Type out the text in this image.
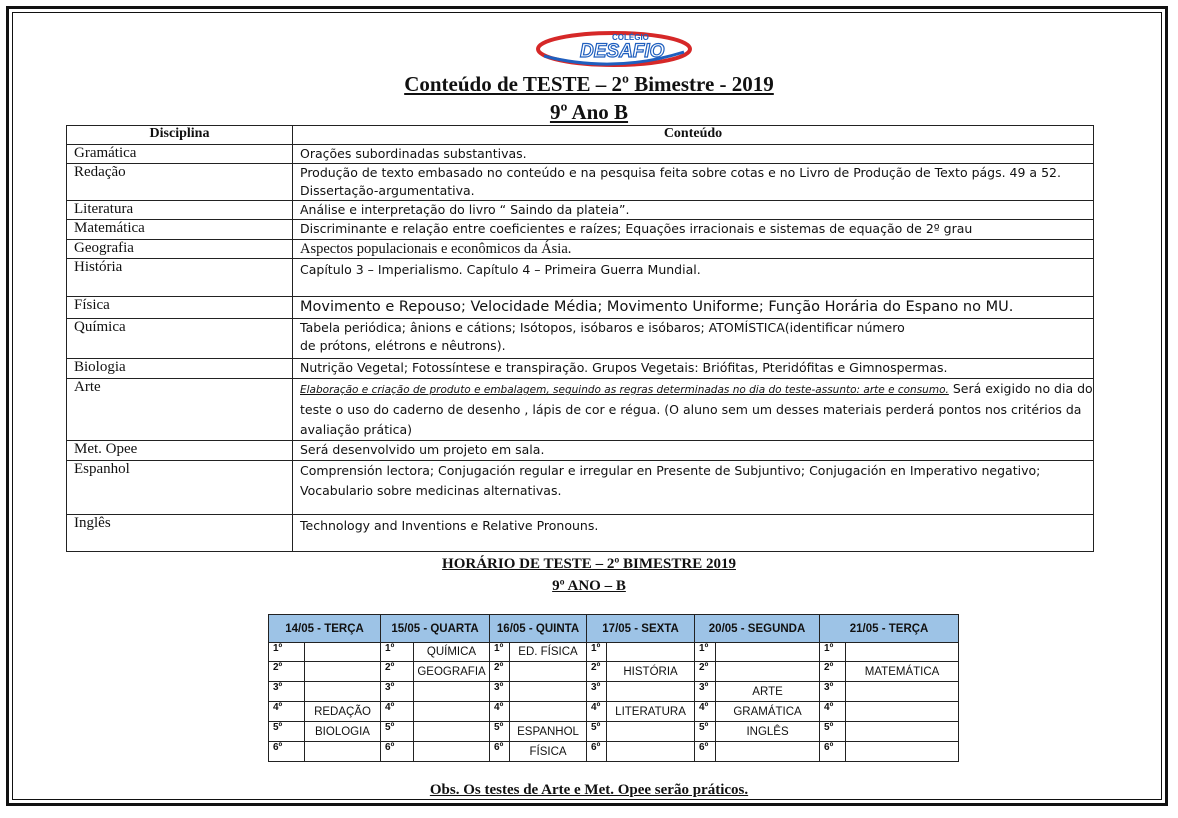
COLÉGIO
DESAFIO
Conteúdo de TESTE – 2º Bimestre - 2019
9º Ano B
Disciplina	Conteúdo
Gramática	Orações subordinadas substantivas.
Redação	Produção de texto embasado no conteúdo e na pesquisa feita sobre cotas e no Livro de Produção de Texto págs. 49 a 52. Dissertação-argumentativa.
Literatura	Análise e interpretação do livro “ Saindo da plateia”.
Matemática	Discriminante e relação entre coeficientes e raízes; Equações irracionais e sistemas de equação de 2º grau
Geografia	Aspectos populacionais e econômicos da Ásia.
História	Capítulo 3 – Imperialismo. Capítulo 4 – Primeira Guerra Mundial.
Física	Movimento e Repouso; Velocidade Média; Movimento Uniforme; Função Horária do Espano no MU.
Química	Tabela periódica; ânions e cátions; Isótopos, isóbaros e isóbaros; ATOMÍSTICA(identificar número
de prótons, elétrons e nêutrons).

Biologia	Nutrição Vegetal; Fotossíntese e transpiração. Grupos Vegetais: Briófitas, Pteridófitas e Gimnospermas.
Arte	Elaboração e criação de produto e embalagem, seguindo as regras determinadas no dia do teste-assunto: arte e consumo. Será exigido no dia do teste o uso do caderno de desenho , lápis de cor e régua. (O aluno sem um desses materiais perderá pontos nos critérios da avaliação prática)
Met. Opee	Será desenvolvido um projeto em sala.
Espanhol	Comprensión lectora; Conjugación regular e irregular en Presente de Subjuntivo; Conjugación en Imperativo negativo; Vocabulario sobre medicinas alternativas.
Inglês	Technology and Inventions e Relative Pronouns.
HORÁRIO DE TESTE – 2º BIMESTRE 2019
9º ANO – B
14/05 - TERÇA		15/05 - QUARTA		16/05 - QUINTA		17/05 - SEXTA		20/05 - SEGUNDA		21/05 - TERÇA	
1º		1º	QUÍMICA	1º	ED. FÍSICA	1º		1º		1º	
2º		2º	GEOGRAFIA	2º		2º	HISTÓRIA	2º		2º	MATEMÁTICA
3º		3º		3º		3º		3º	ARTE	3º	
4º	REDAÇÃO	4º		4º		4º	LITERATURA	4º	GRAMÁTICA	4º	
5º	BIOLOGIA	5º		5º	ESPANHOL	5º		5º	INGLÊS	5º	
6º		6º		6º	FÍSICA	6º		6º		6º	
Obs. Os testes de Arte e Met. Opee serão práticos.
